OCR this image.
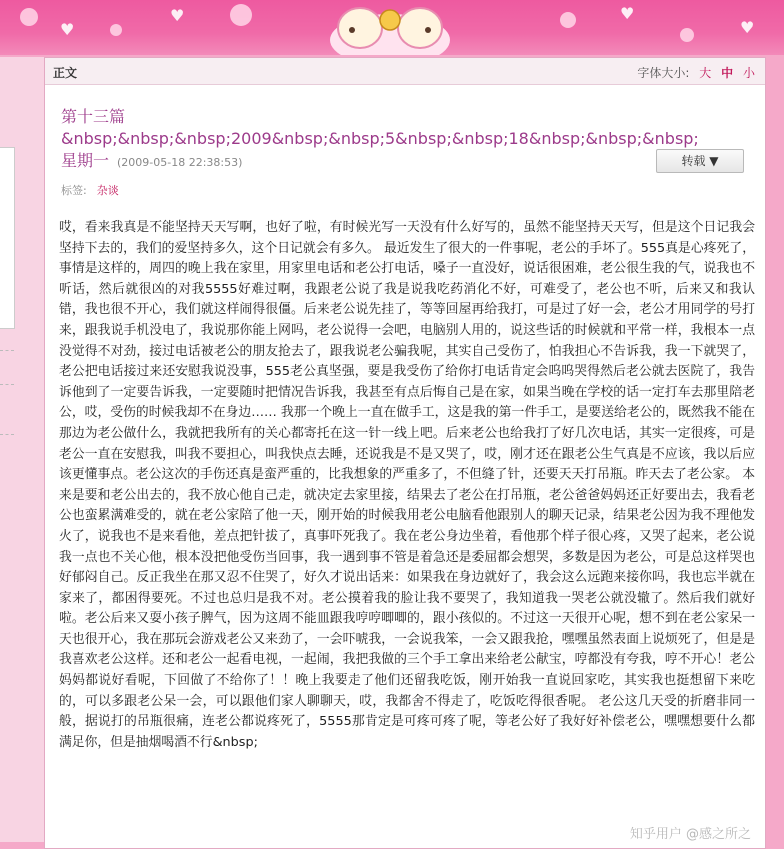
♥
♥	♥
♥
正文	字体大小: 大 中 小
第十三篇
&nbsp;&nbsp;&nbsp;2009&nbsp;&nbsp;5&nbsp;&nbsp;18&nbsp;&nbsp;&nbsp;星期一 (2009-05-18 22:38:53)	转载 ▼
标签: 杂谈
哎，看来我真是不能坚持天天写啊，也好了啦，有时候光写一天没有什么好写的，虽然不能坚持天天写，但是这个日记我会坚持下去的，我们的爱坚持多久，这个日记就会有多久。 最近发生了很大的一件事呢，老公的手坏了。555真是心疼死了，事情是这样的，周四的晚上我在家里，用家里电话和老公打电话，嗓子一直没好，说话很困难，老公很生我的气，说我也不听话，然后就很凶的对我5555好难过啊，我跟老公说了我是说我吃药消化不好，可难受了，老公也不听，后来又和我认错，我也很不开心，我们就这样闹得很僵。后来老公说先挂了，等等回屋再给我打，可是过了好一会，老公才用同学的号打来，跟我说手机没电了，我说那你能上网吗，老公说得一会吧，电脑别人用的，说这些话的时候就和平常一样，我根本一点没觉得不对劲，接过电话被老公的朋友抢去了，跟我说老公骗我呢，其实自己受伤了，怕我担心不告诉我，我一下就哭了，老公把电话接过来还安慰我说没事，555老公真坚强，要是我受伤了给你打电话肯定会呜呜哭得然后老公就去医院了，我告诉他到了一定要告诉我，一定要随时把情况告诉我，我甚至有点后悔自己是在家，如果当晚在学校的话一定打车去那里陪老公，哎，受伤的时候我却不在身边…… 我那一个晚上一直在做手工，这是我的第一件手工，是要送给老公的，既然我不能在那边为老公做什么，我就把我所有的关心都寄托在这一针一线上吧。后来老公也给我打了好几次电话，其实一定很疼，可是老公一直在安慰我，叫我不要担心，叫我快点去睡，还说我是不是又哭了，哎，刚才还在跟老公生气真是不应该，我以后应该更懂事点。老公这次的手伤还真是蛮严重的，比我想象的严重多了，不但缝了针，还要天天打吊瓶。昨天去了老公家。 本来是要和老公出去的，我不放心他自己走，就决定去家里接，结果去了老公在打吊瓶，老公爸爸妈妈还正好要出去，我看老公也蛮累满难受的，就在老公家陪了他一天，刚开始的时候我用老公电脑看他跟别人的聊天记录，结果老公因为我不理他发火了，说我也不是来看他，差点把针拔了，真事吓死我了。我在老公身边坐着，看他那个样子很心疼，又哭了起来，老公说我一点也不关心他，根本没把他受伤当回事，我一遇到事不管是着急还是委屈都会想哭，多数是因为老公，可是总这样哭也好郁闷自己。反正我坐在那又忍不住哭了，好久才说出话来：如果我在身边就好了，我会这么远跑来接你吗，我也忘半就在家来了，都困得要死。不过也总归是我不对。老公摸着我的脸让我不要哭了，我知道我一哭老公就没辙了。然后我们就好啦。老公后来又耍小孩子脾气，因为这周不能皿跟我哼哼唧唧的，跟小孩似的。不过这一天很开心呢，想不到在老公家呆一天也很开心，我在那玩会游戏老公又来劲了，一会吓唬我，一会说我笨，一会又跟我抢，嘿嘿虽然表面上说烦死了，但是是我喜欢老公这样。还和老公一起看电视，一起闹，我把我做的三个手工拿出来给老公献宝，哼都没有夸我，哼不开心！老公妈妈都说好看呢，下回做了不给你了！！晚上我要走了他们还留我吃饭，刚开始我一直说回家吃，其实我也挺想留下来吃的，可以多跟老公呆一会，可以跟他们家人聊聊天，哎，我都舍不得走了，吃饭吃得很香呢。 老公这几天受的折磨非同一般，据说打的吊瓶很痛，连老公都说疼死了，5555那肯定是可疼可疼了呢，等老公好了我好好补偿老公，嘿嘿想要什么都满足你，但是抽烟喝酒不行&nbsp;
知乎用户 @感之所之
